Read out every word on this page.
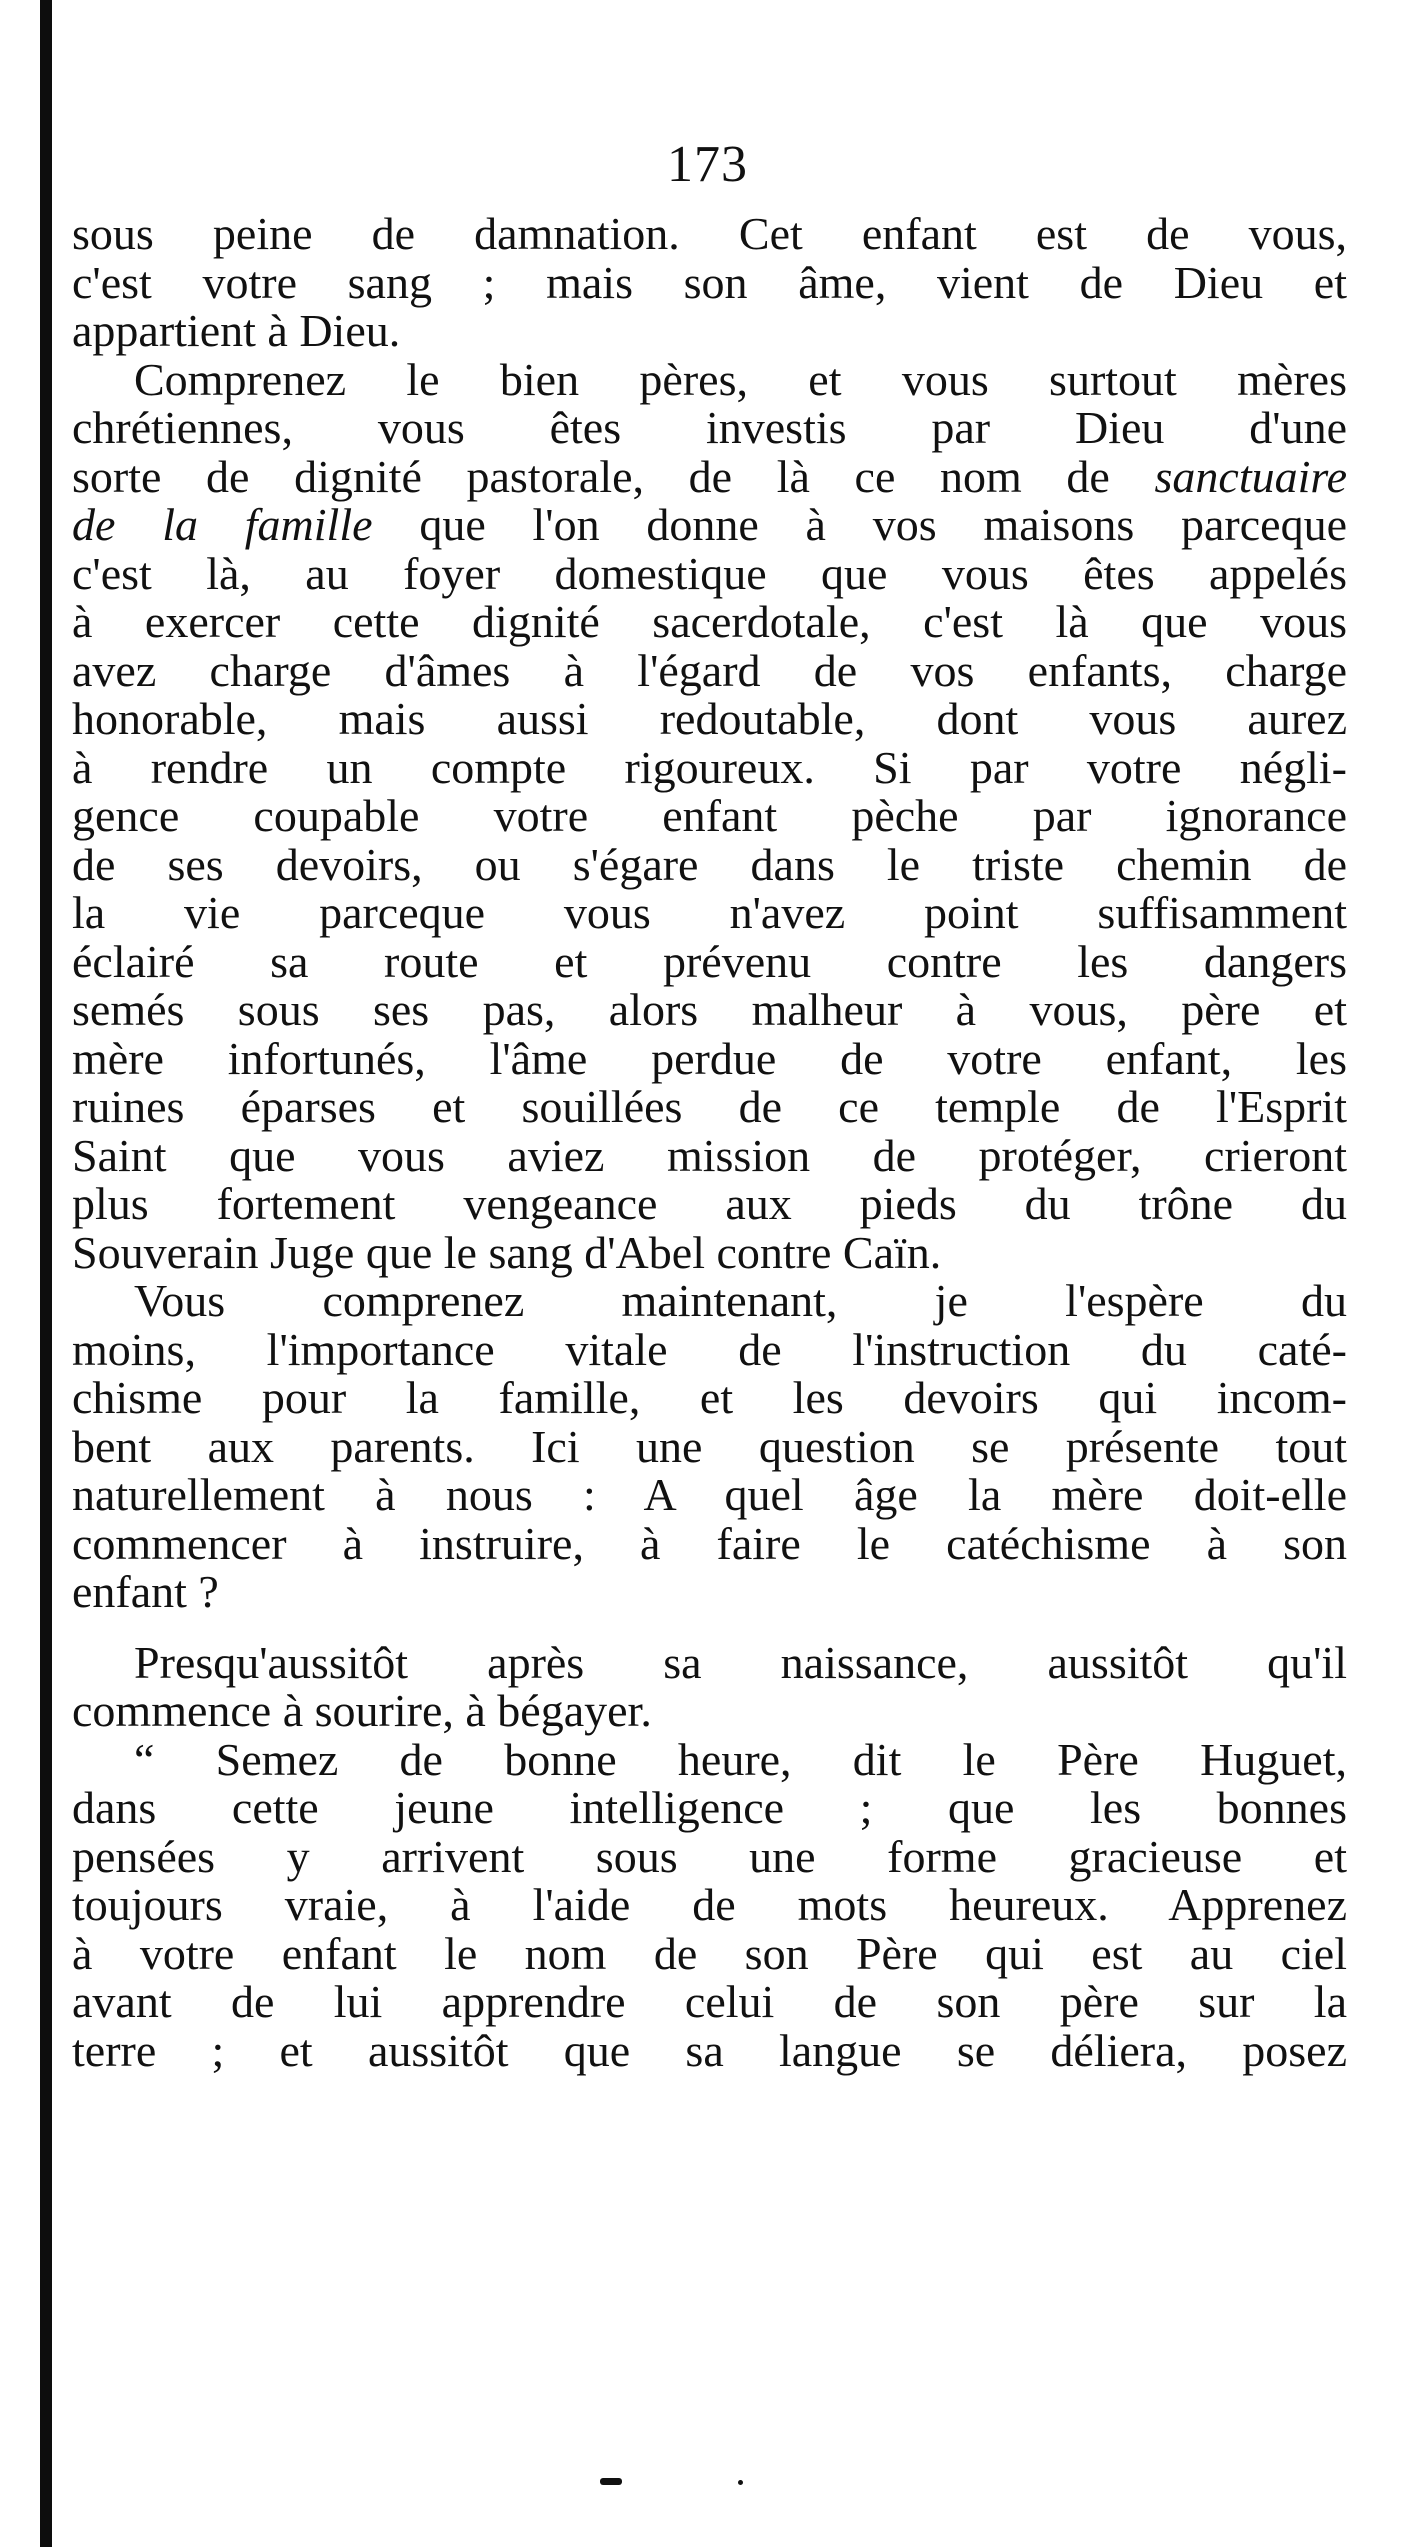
173

sous peine de damnation. Cet enfant est de vous,
c'est votre sang ; mais son âme, vient de Dieu et
appartient à Dieu.

Comprenez le bien pères, et vous surtout mères
chrétiennes, vous êtes investis par Dieu d'une
sorte de dignité pastorale, de là ce nom de sanctuaire
de la famille que l'on donne à vos maisons parceque
c'est là, au foyer domestique que vous êtes appelés
à exercer cette dignité sacerdotale, c'est là que vous
avez charge d'âmes à l'égard de vos enfants, charge
honorable, mais aussi redoutable, dont vous aurez
à rendre un compte rigoureux. Si par votre négli-
gence coupable votre enfant pèche par ignorance
de ses devoirs, ou s'égare dans le triste chemin de
la vie parceque vous n'avez point suffisamment
éclairé sa route et prévenu contre les dangers
semés sous ses pas, alors malheur à vous, père et
mère infortunés, l'âme perdue de votre enfant, les
ruines éparses et souillées de ce temple de l'Esprit
Saint que vous aviez mission de protéger, crieront
plus fortement vengeance aux pieds du trône du
Souverain Juge que le sang d'Abel contre Caïn.

Vous comprenez maintenant, je l'espère du
moins, l'importance vitale de l'instruction du caté-
chisme pour la famille, et les devoirs qui incom-
bent aux parents. Ici une question se présente tout
naturellement à nous : A quel âge la mère doit-elle
commencer à instruire, à faire le catéchisme à son
enfant ?

Presqu'aussitôt après sa naissance, aussitôt qu'il
commence à sourire, à bégayer.

“ Semez de bonne heure, dit le Père Huguet,
dans cette jeune intelligence ; que les bonnes
pensées y arrivent sous une forme gracieuse et
toujours vraie, à l'aide de mots heureux. Apprenez
à votre enfant le nom de son Père qui est au ciel
avant de lui apprendre celui de son père sur la
terre ; et aussitôt que sa langue se déliera, posez
